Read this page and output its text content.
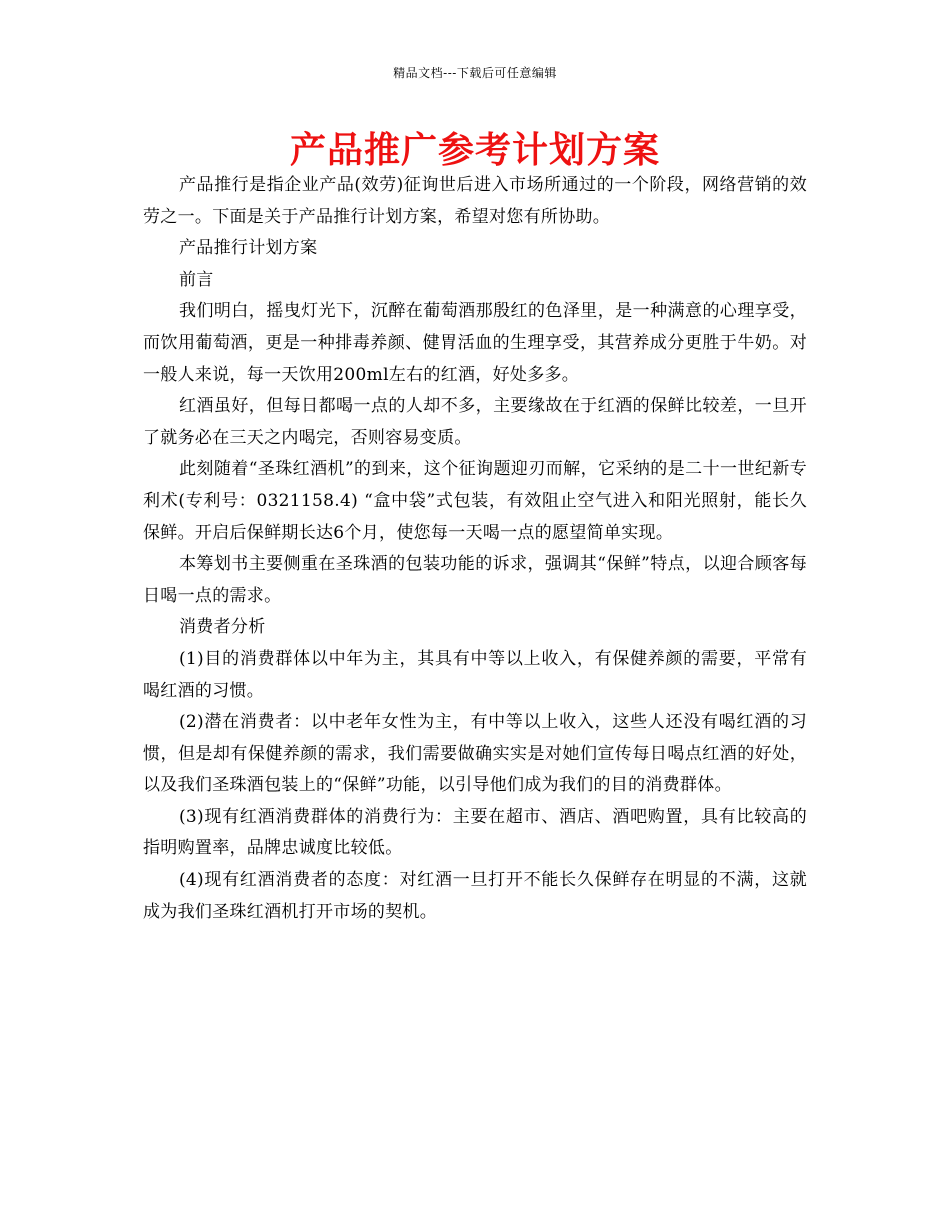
精品文档---下载后可任意编辑
产品推广参考计划方案

产品推行是指企业产品(效劳)征询世后进入市场所通过的一个阶段，网络营销的效劳之一。下面是关于产品推行计划方案，希望对您有所协助。

产品推行计划方案

前言

我们明白，摇曳灯光下，沉醉在葡萄酒那殷红的色泽里，是一种满意的心理享受，而饮用葡萄酒，更是一种排毒养颜、健胃活血的生理享受，其营养成分更胜于牛奶。对一般人来说，每一天饮用200ml左右的红酒，好处多多。

红酒虽好，但每日都喝一点的人却不多，主要缘故在于红酒的保鲜比较差，一旦开了就务必在三天之内喝完，否则容易变质。

此刻随着“圣珠红酒机”的到来，这个征询题迎刃而解，它采纳的是二十一世纪新专利术(专利号：0321158.4) “盒中袋”式包装，有效阻止空气进入和阳光照射，能长久保鲜。开启后保鲜期长达6个月，使您每一天喝一点的愿望简单实现。

本筹划书主要侧重在圣珠酒的包装功能的诉求，强调其“保鲜”特点，以迎合顾客每日喝一点的需求。

消费者分析

(1)目的消费群体以中年为主，其具有中等以上收入，有保健养颜的需要，平常有喝红酒的习惯。

(2)潜在消费者：以中老年女性为主，有中等以上收入，这些人还没有喝红酒的习惯，但是却有保健养颜的需求，我们需要做确实实是对她们宣传每日喝点红酒的好处，以及我们圣珠酒包装上的“保鲜”功能，以引导他们成为我们的目的消费群体。

(3)现有红酒消费群体的消费行为：主要在超市、酒店、酒吧购置，具有比较高的指明购置率，品牌忠诚度比较低。

(4)现有红酒消费者的态度：对红酒一旦打开不能长久保鲜存在明显的不满，这就成为我们圣珠红酒机打开市场的契机。
